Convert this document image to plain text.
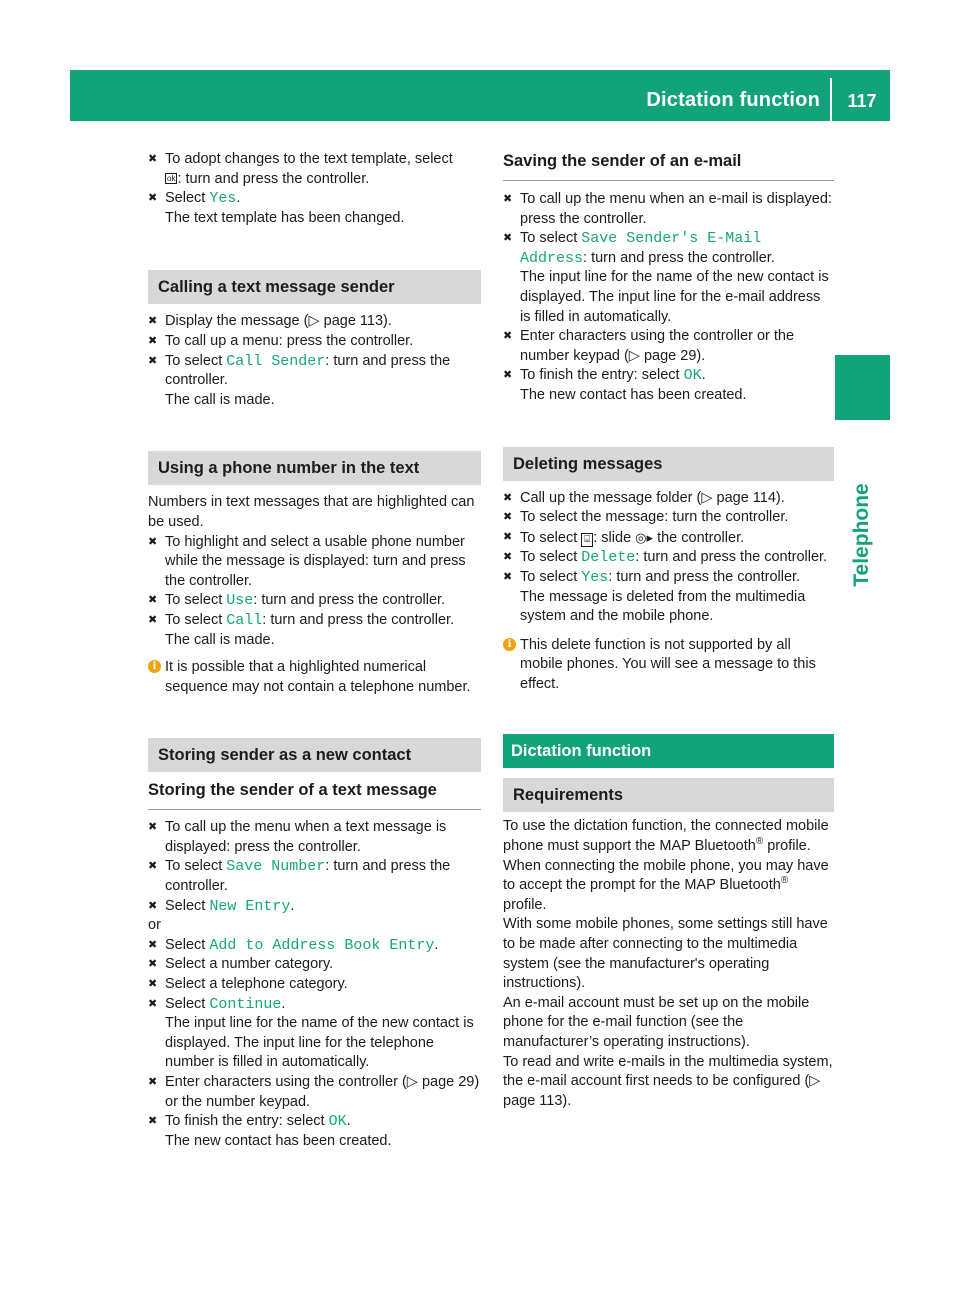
Dictation function	117
Telephone
✖ To adopt changes to the text template, select
ok : turn and press the controller.
✖ Select Yes.
The text template has been changed.
Calling a text message sender
✖ Display the message (▷ page 113).
✖ To call up a menu: press the controller.
✖ To select Call Sender: turn and press the controller.
The call is made.
Using a phone number in the text

Numbers in text messages that are highlighted can be used.

✖ To highlight and select a usable phone number while the message is displayed: turn and press the controller.
✖ To select Use: turn and press the controller.
✖ To select Call: turn and press the controller.
The call is made.
i It is possible that a highlighted numerical sequence may not contain a telephone number.
Storing sender as a new contact
Storing the sender of a text message
✖ To call up the menu when a text message is displayed: press the controller.
✖ To select Save Number: turn and press the controller.
✖ Select New Entry.

or

✖ Select Add to Address Book Entry.
✖ Select a number category.
✖ Select a telephone category.
✖ Select Continue.
The input line for the name of the new contact is displayed. The input line for the telephone number is filled in automatically.
✖ Enter characters using the controller (▷ page 29) or the number keypad.
✖ To finish the entry: select OK.
The new contact has been created.
Saving the sender of an e-mail
✖ To call up the menu when an e-mail is displayed: press the controller.
✖ To select Save Sender's E-Mail Address: turn and press the controller.
The input line for the name of the new contact is displayed. The input line for the e-mail address is filled in automatically.
✖ Enter characters using the controller or the number keypad (▷ page 29).
✖ To finish the entry: select OK.
The new contact has been created.
Deleting messages
✖ Call up the message folder (▷ page 114).
✖ To select the message: turn the controller.
✖ To select ⌸ : slide ◎▸ the controller.
✖ To select Delete: turn and press the controller.
✖ To select Yes: turn and press the controller.
The message is deleted from the multimedia system and the mobile phone.
i This delete function is not supported by all mobile phones. You will see a message to this effect.
Dictation function
Requirements

To use the dictation function, the connected mobile phone must support the MAP Bluetooth® profile. When connecting the mobile phone, you may have to accept the prompt for the MAP Bluetooth® profile.

With some mobile phones, some settings still have to be made after connecting to the multimedia system (see the manufacturer's operating instructions).

An e-mail account must be set up on the mobile phone for the e-mail function (see the manufacturer’s operating instructions).

To read and write e-mails in the multimedia system, the e-mail account first needs to be configured (▷ page 113).
